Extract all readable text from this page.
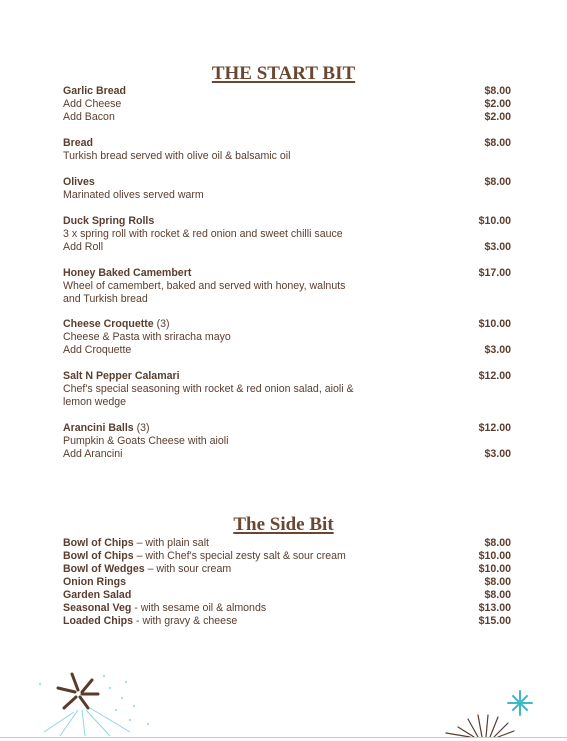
THE START BIT
Garlic Bread	$8.00
Add Cheese	$2.00
Add Bacon	$2.00
Bread	$8.00
Turkish bread served with olive oil & balsamic oil
Olives	$8.00
Marinated olives served warm
Duck Spring Rolls	$10.00
3 x spring roll with rocket & red onion and sweet chilli sauce
Add Roll	$3.00
Honey Baked Camembert	$17.00
Wheel of camembert, baked and served with honey, walnuts
and Turkish bread
Cheese Croquette (3)	$10.00
Cheese & Pasta with sriracha mayo
Add Croquette	$3.00
Salt N Pepper Calamari	$12.00
Chef's special seasoning with rocket & red onion salad, aioli &
lemon wedge
Arancini Balls (3)	$12.00
Pumpkin & Goats Cheese with aioli
Add Arancini	$3.00
The Side Bit
Bowl of Chips – with plain salt	$8.00
Bowl of Chips – with Chef's special zesty salt & sour cream	$10.00
Bowl of Wedges – with sour cream	$10.00
Onion Rings	$8.00
Garden Salad	$8.00
Seasonal Veg - with sesame oil & almonds	$13.00
Loaded Chips - with gravy & cheese	$15.00
